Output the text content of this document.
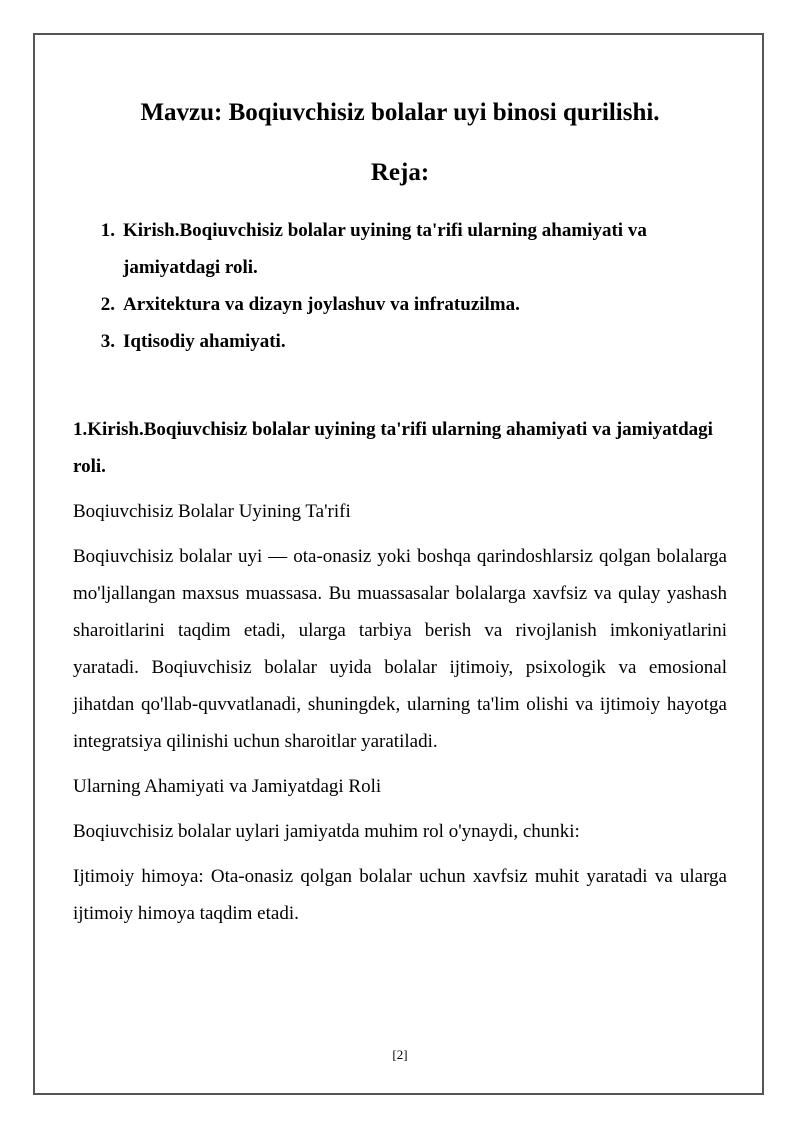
Mavzu: Boqiuvchisiz bolalar uyi binosi qurilishi.
Reja:
1. Kirish.Boqiuvchisiz bolalar uyining ta'rifi ularning ahamiyati va jamiyatdagi roli.
2. Arxitektura va dizayn joylashuv va infratuzilma.
3. Iqtisodiy ahamiyati.

1.Kirish.Boqiuvchisiz bolalar uyining ta'rifi ularning ahamiyati va jamiyatdagi roli.

Boqiuvchisiz Bolalar Uyining Ta'rifi

Boqiuvchisiz bolalar uyi — ota-onasiz yoki boshqa qarindoshlarsiz qolgan bolalarga mo'ljallangan maxsus muassasa. Bu muassasalar bolalarga xavfsiz va qulay yashash sharoitlarini taqdim etadi, ularga tarbiya berish va rivojlanish imkoniyatlarini yaratadi. Boqiuvchisiz bolalar uyida bolalar ijtimoiy, psixologik va emosional jihatdan qo'llab-quvvatlanadi, shuningdek, ularning ta'lim olishi va ijtimoiy hayotga integratsiya qilinishi uchun sharoitlar yaratiladi.

Ularning Ahamiyati va Jamiyatdagi Roli

Boqiuvchisiz bolalar uylari jamiyatda muhim rol o'ynaydi, chunki:

Ijtimoiy himoya: Ota-onasiz qolgan bolalar uchun xavfsiz muhit yaratadi va ularga ijtimoiy himoya taqdim etadi.

[2]
